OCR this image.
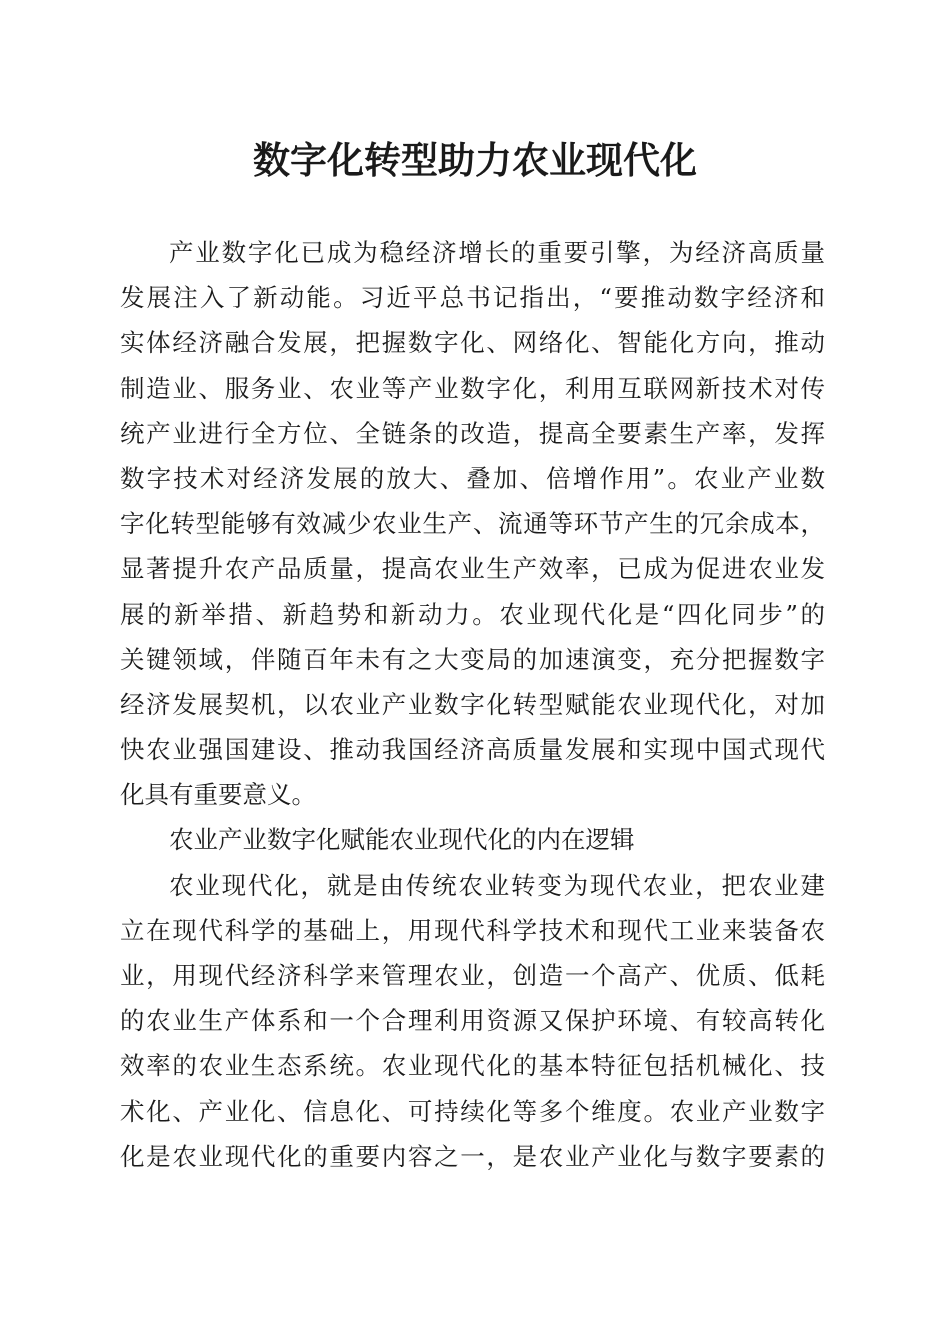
数字化转型助力农业现代化
产业数字化已成为稳经济增长的重要引擎，为经济高质量
发展注入了新动能。习近平总书记指出，“要推动数字经济和
实体经济融合发展，把握数字化、网络化、智能化方向，推动
制造业、服务业、农业等产业数字化，利用互联网新技术对传
统产业进行全方位、全链条的改造，提高全要素生产率，发挥
数字技术对经济发展的放大、叠加、倍增作用”。农业产业数
字化转型能够有效减少农业生产、流通等环节产生的冗余成本，
显著提升农产品质量，提高农业生产效率，已成为促进农业发
展的新举措、新趋势和新动力。农业现代化是“四化同步”的
关键领域，伴随百年未有之大变局的加速演变，充分把握数字
经济发展契机，以农业产业数字化转型赋能农业现代化，对加
快农业强国建设、推动我国经济高质量发展和实现中国式现代
化具有重要意义。
农业产业数字化赋能农业现代化的内在逻辑
农业现代化，就是由传统农业转变为现代农业，把农业建
立在现代科学的基础上，用现代科学技术和现代工业来装备农
业，用现代经济科学来管理农业，创造一个高产、优质、低耗
的农业生产体系和一个合理利用资源又保护环境、有较高转化
效率的农业生态系统。农业现代化的基本特征包括机械化、技
术化、产业化、信息化、可持续化等多个维度。农业产业数字
化是农业现代化的重要内容之一，是农业产业化与数字要素的
